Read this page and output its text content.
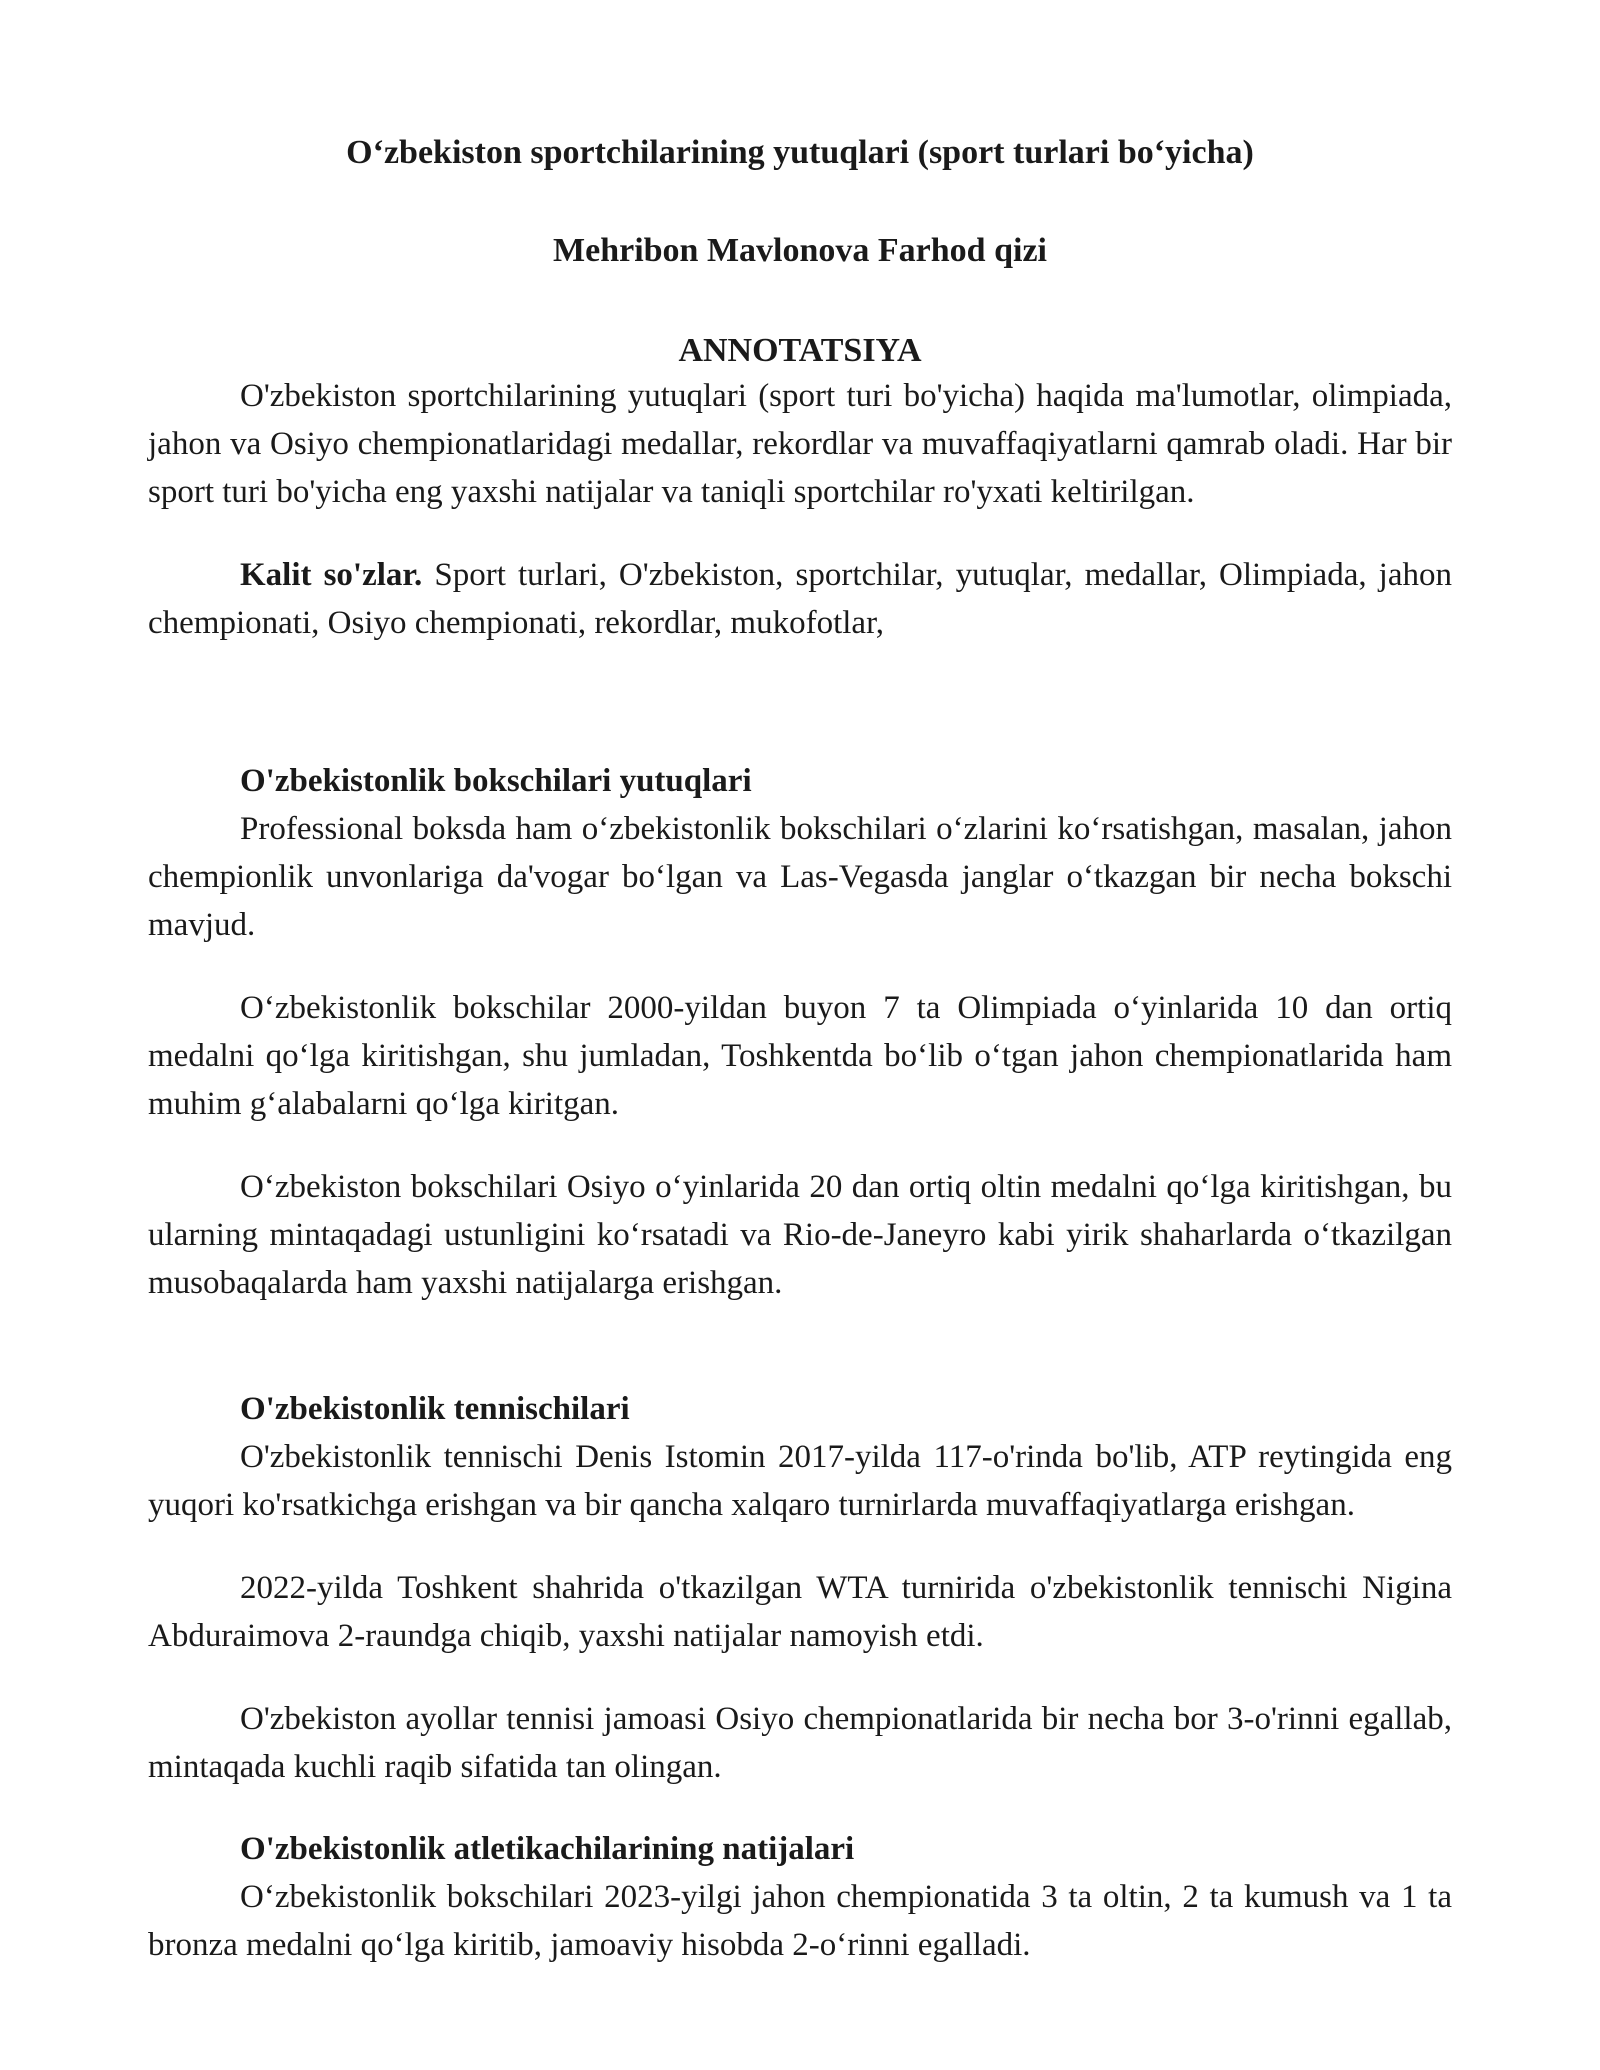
O‘zbekiston sportchilarining yutuqlari (sport turlari bo‘yicha)
Mehribon Mavlonova Farhod qizi
ANNOTATSIYA

O'zbekiston sportchilarining yutuqlari (sport turi bo'yicha) haqida ma'lumotlar, olimpiada, jahon va Osiyo chempionatlaridagi medallar, rekordlar va muvaffaqiyatlarni qamrab oladi. Har bir sport turi bo'yicha eng yaxshi natijalar va taniqli sportchilar ro'yxati keltirilgan.

Kalit so'zlar. Sport turlari, O'zbekiston, sportchilar, yutuqlar, medallar, Olimpiada, jahon chempionati, Osiyo chempionati, rekordlar, mukofotlar,

O'zbekistonlik bokschilari yutuqlari

Professional boksda ham o‘zbekistonlik bokschilari o‘zlarini ko‘rsatishgan, masalan, jahon chempionlik unvonlariga da'vogar bo‘lgan va Las-Vegasda janglar o‘tkazgan bir necha bokschi mavjud.

O‘zbekistonlik bokschilar 2000-yildan buyon 7 ta Olimpiada o‘yinlarida 10 dan ortiq medalni qo‘lga kiritishgan, shu jumladan, Toshkentda bo‘lib o‘tgan jahon chempionatlarida ham muhim g‘alabalarni qo‘lga kiritgan.

O‘zbekiston bokschilari Osiyo o‘yinlarida 20 dan ortiq oltin medalni qo‘lga kiritishgan, bu ularning mintaqadagi ustunligini ko‘rsatadi va Rio-de-Janeyro kabi yirik shaharlarda o‘tkazilgan musobaqalarda ham yaxshi natijalarga erishgan.

O'zbekistonlik tennischilari

O'zbekistonlik tennischi Denis Istomin 2017-yilda 117-o'rinda bo'lib, ATP reytingida eng yuqori ko'rsatkichga erishgan va bir qancha xalqaro turnirlarda muvaffaqiyatlarga erishgan.

2022-yilda Toshkent shahrida o'tkazilgan WTA turnirida o'zbekistonlik tennischi Nigina Abduraimova 2-raundga chiqib, yaxshi natijalar namoyish etdi.

O'zbekiston ayollar tennisi jamoasi Osiyo chempionatlarida bir necha bor 3-o'rinni egallab, mintaqada kuchli raqib sifatida tan olingan.

O'zbekistonlik atletikachilarining natijalari

O‘zbekistonlik bokschilari 2023-yilgi jahon chempionatida 3 ta oltin, 2 ta kumush va 1 ta bronza medalni qo‘lga kiritib, jamoaviy hisobda 2-o‘rinni egalladi.
